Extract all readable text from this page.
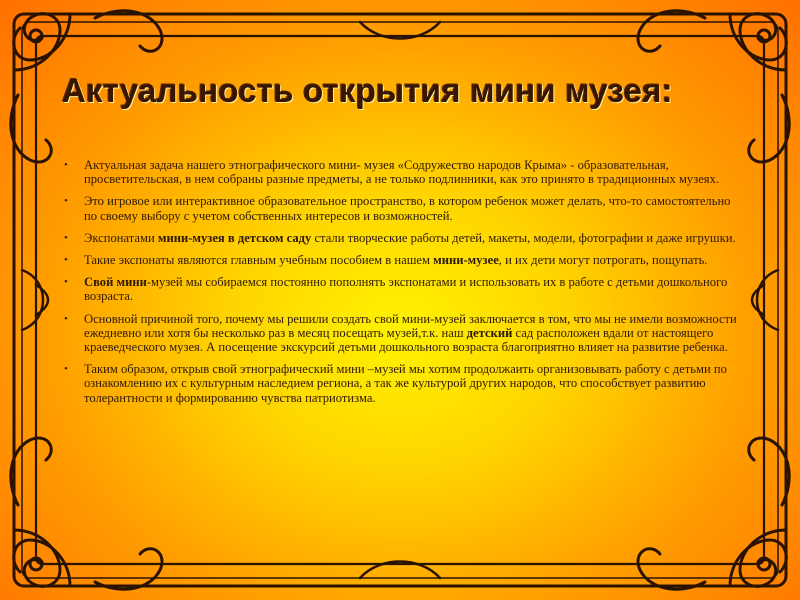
Актуальность открытия мини музея:

• Актуальная задача нашего этнографического мини- музея «Содружество народов Крыма» - образовательная, просветительская, в нем собраны разные предметы, а не только подлинники, как это принято в традиционных музеях.

• Это игровое или интерактивное образовательное пространство, в котором ребенок может делать, что-то самостоятельно по своему выбору с учетом собственных интересов и возможностей.

• Экспонатами мини-музея в детском саду стали творческие работы детей, макеты, модели, фотографии и даже игрушки.

• Такие экспонаты являются главным учебным пособием в нашем мини-музее, и их дети могут потрогать, пощупать.

• Свой мини-музей мы собираемся постоянно пополнять экспонатами и использовать их в работе с детьми дошкольного возраста.

• Основной причиной того, почему мы решили создать свой мини-музей заключается в том, что мы не имели возможности ежедневно или хотя бы несколько раз в месяц посещать музей,т.к. наш детский сад расположен вдали от настоящего краеведческого музея. А посещение экскурсий детьми дошкольного возраста благоприятно влияет на развитие ребенка.

• Таким образом, открыв свой этнографический мини –музей мы хотим продолжаить организовывать работу с детьми по ознакомлению их с культурным наследием региона, а так же культурой других народов, что способствует развитию толерантности и формированию чувства патриотизма.
